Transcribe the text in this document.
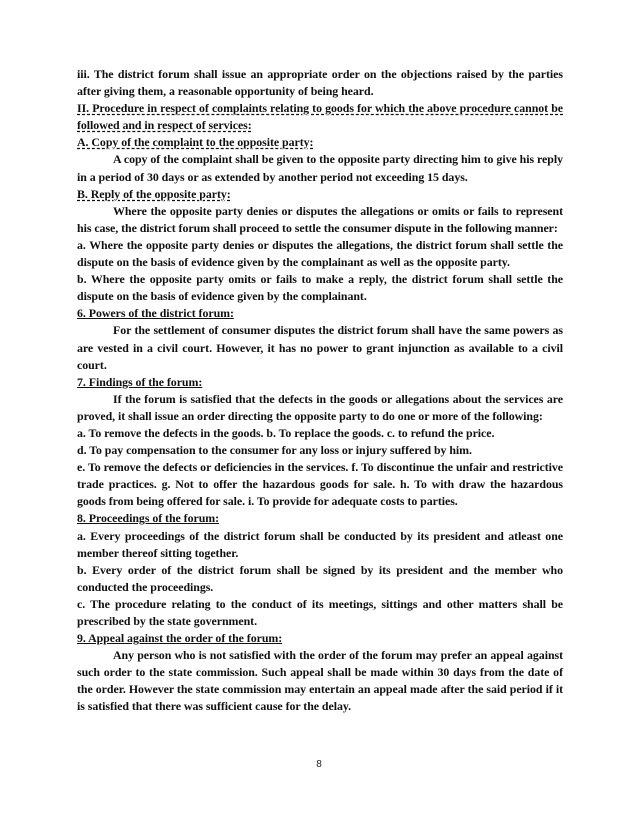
iii. The district forum shall issue an appropriate order on the objections raised by the parties after giving them, a reasonable opportunity of being heard.

II. Procedure in respect of complaints relating to goods for which the above procedure cannot be followed and in respect of services:

A. Copy of the complaint to the opposite party:

A copy of the complaint shall be given to the opposite party directing him to give his reply in a period of 30 days or as extended by another period not exceeding 15 days.

B. Reply of the opposite party:

Where the opposite party denies or disputes the allegations or omits or fails to represent his case, the district forum shall proceed to settle the consumer dispute in the following manner:

a. Where the opposite party denies or disputes the allegations, the district forum shall settle the dispute on the basis of evidence given by the complainant as well as the opposite party.

b. Where the opposite party omits or fails to make a reply, the district forum shall settle the dispute on the basis of evidence given by the complainant.

6. Powers of the district forum:

For the settlement of consumer disputes the district forum shall have the same powers as are vested in a civil court. However, it has no power to grant injunction as available to a civil court.

7. Findings of the forum:

If the forum is satisfied that the defects in the goods or allegations about the services are proved, it shall issue an order directing the opposite party to do one or more of the following:

a. To remove the defects in the goods. b. To replace the goods. c. to refund the price.

d. To pay compensation to the consumer for any loss or injury suffered by him.

e. To remove the defects or deficiencies in the services. f. To discontinue the unfair and restrictive trade practices. g. Not to offer the hazardous goods for sale. h. To with draw the hazardous goods from being offered for sale. i. To provide for adequate costs to parties.

8. Proceedings of the forum:

a. Every proceedings of the district forum shall be conducted by its president and atleast one member thereof sitting together.

b. Every order of the district forum shall be signed by its president and the member who conducted the proceedings.

c. The procedure relating to the conduct of its meetings, sittings and other matters shall be prescribed by the state government.

9. Appeal against the order of the forum:

Any person who is not satisfied with the order of the forum may prefer an appeal against such order to the state commission. Such appeal shall be made within 30 days from the date of the order. However the state commission may entertain an appeal made after the said period if it is satisfied that there was sufficient cause for the delay.

8
